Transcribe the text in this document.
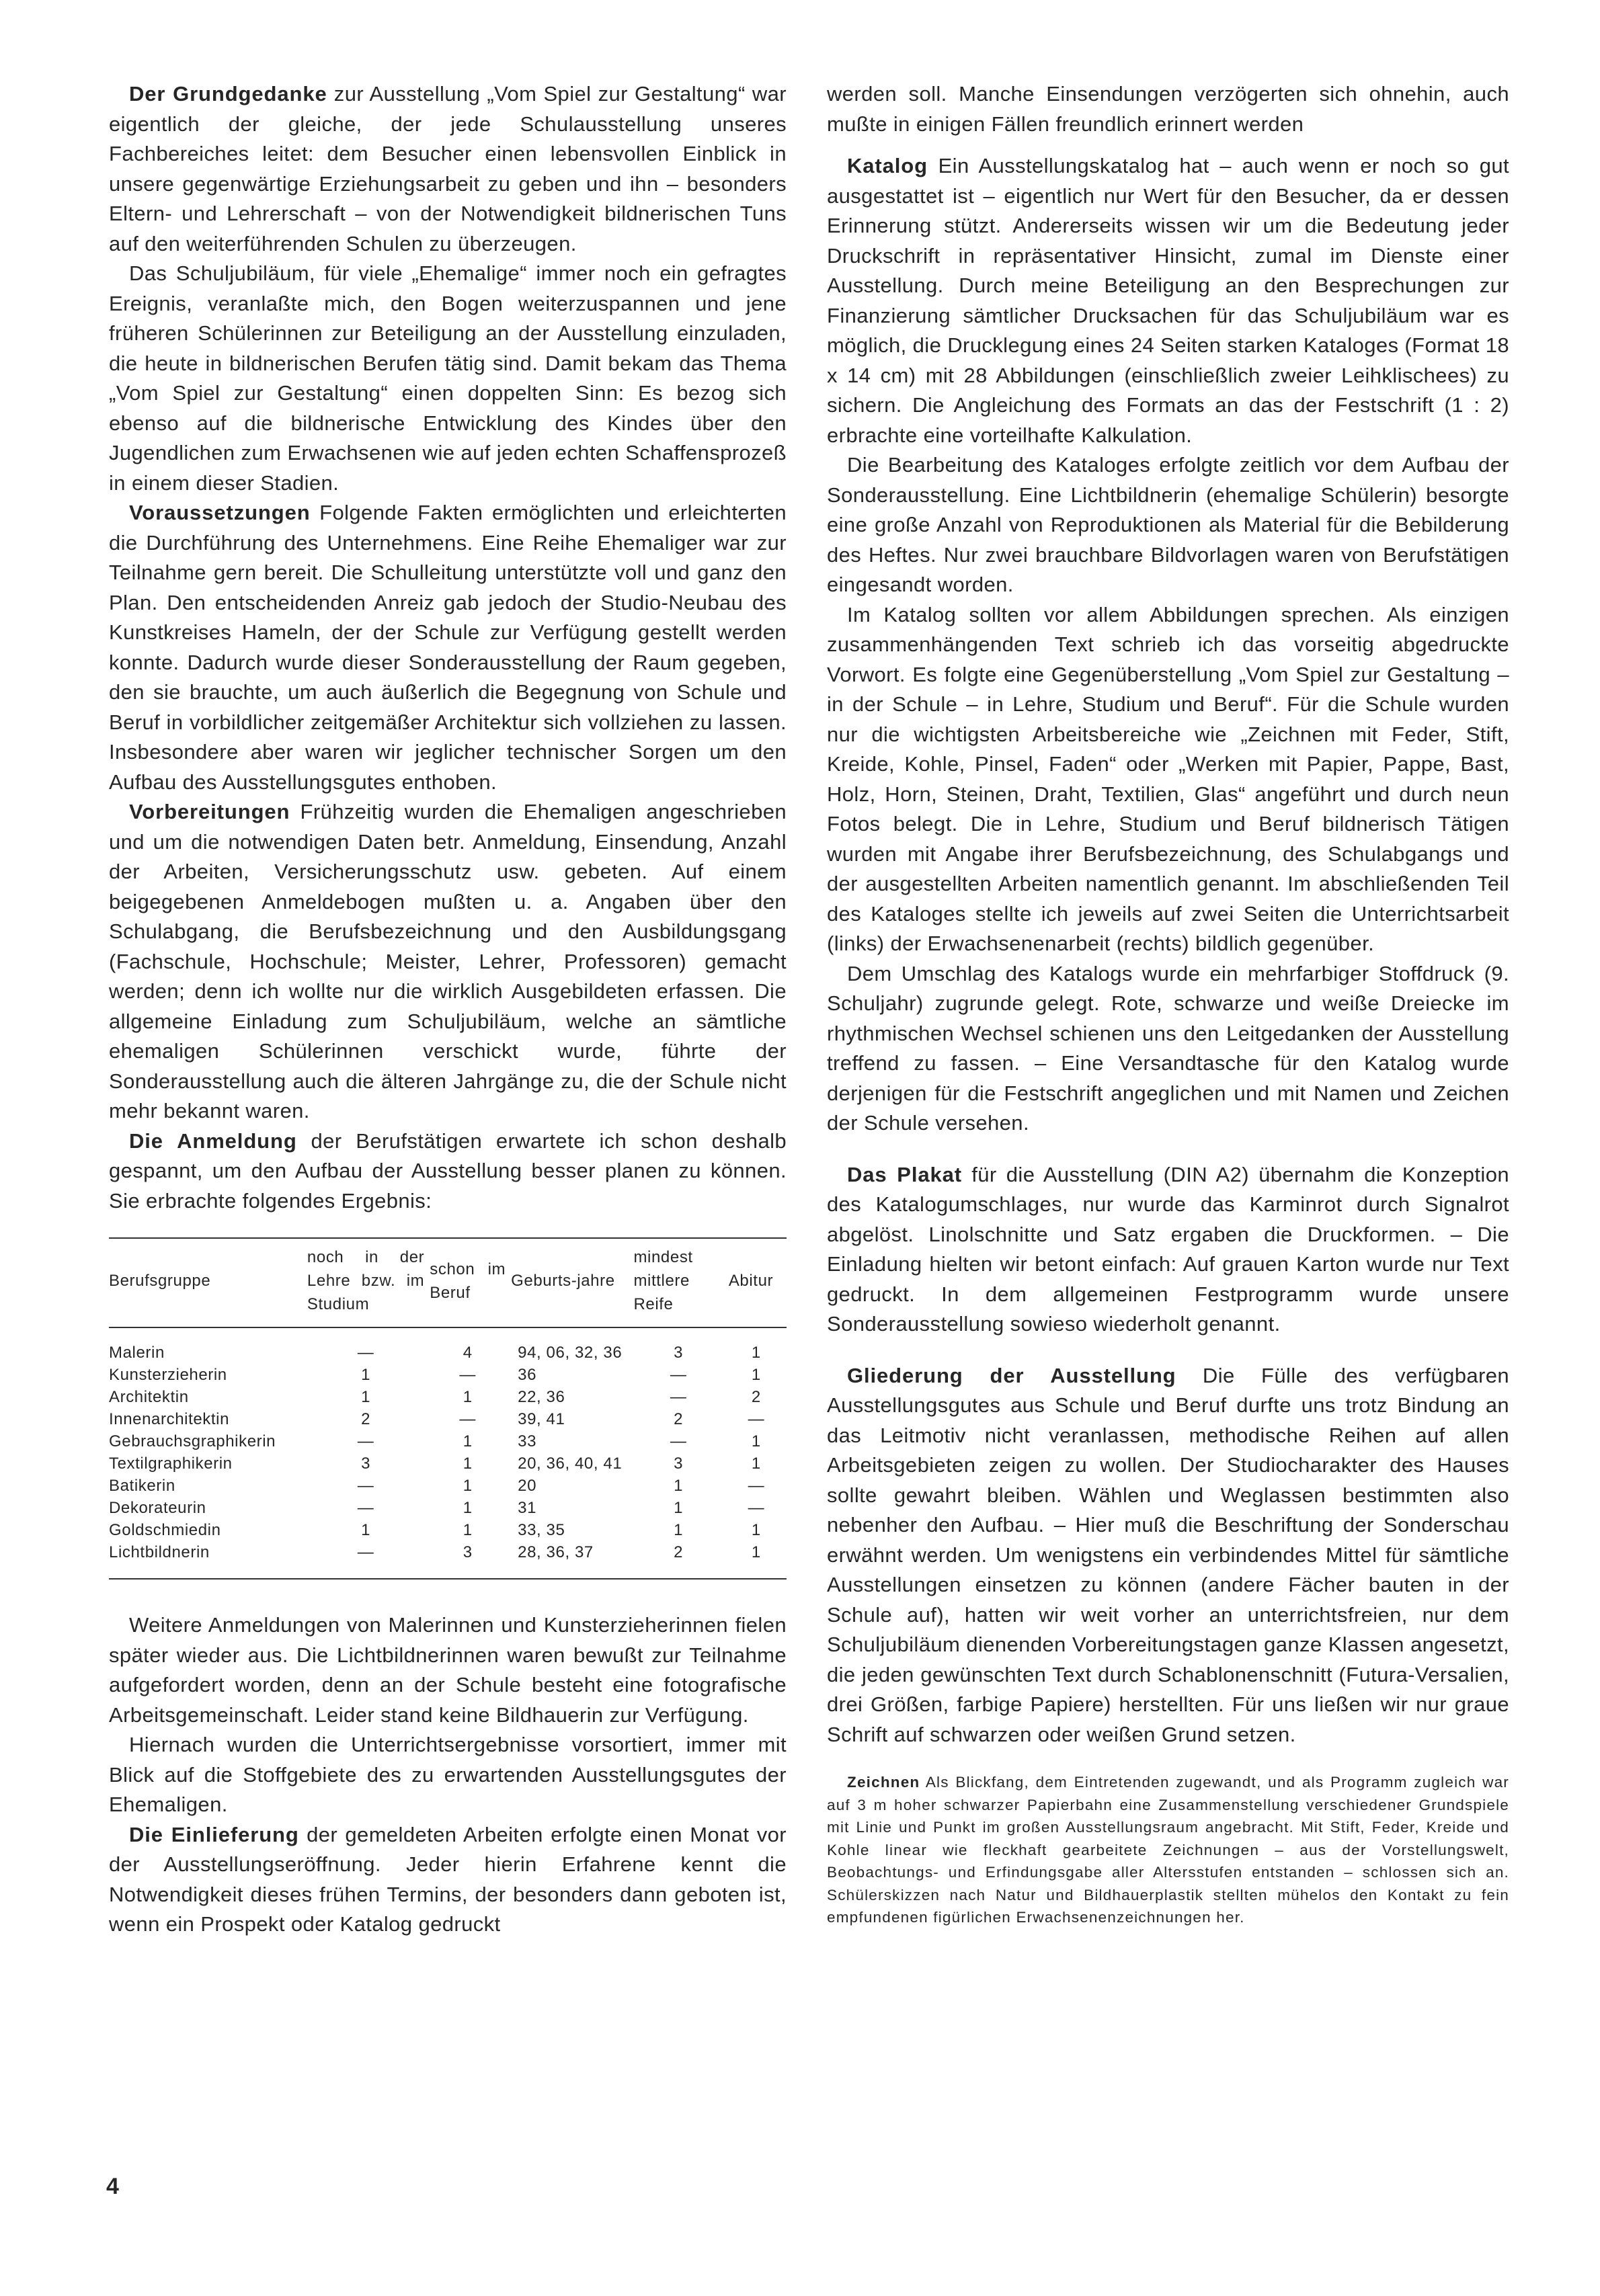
Der Grundgedanke zur Ausstellung „Vom Spiel zur Gestaltung“ war eigentlich der gleiche, der jede Schulausstellung unseres Fachbereiches leitet: dem Besucher einen lebensvollen Einblick in unsere gegenwärtige Erziehungsarbeit zu geben und ihn – besonders Eltern- und Lehrerschaft – von der Notwendigkeit bildnerischen Tuns auf den weiterführenden Schulen zu überzeugen.

Das Schuljubiläum, für viele „Ehemalige“ immer noch ein gefragtes Ereignis, veranlaßte mich, den Bogen weiterzuspannen und jene früheren Schülerinnen zur Beteiligung an der Ausstellung einzuladen, die heute in bildnerischen Berufen tätig sind. Damit bekam das Thema „Vom Spiel zur Gestaltung“ einen doppelten Sinn: Es bezog sich ebenso auf die bildnerische Entwicklung des Kindes über den Jugendlichen zum Erwachsenen wie auf jeden echten Schaffensprozeß in einem dieser Stadien.

Voraussetzungen Folgende Fakten ermöglichten und erleichterten die Durchführung des Unternehmens. Eine Reihe Ehemaliger war zur Teilnahme gern bereit. Die Schulleitung unterstützte voll und ganz den Plan. Den entscheidenden Anreiz gab jedoch der Studio-Neubau des Kunstkreises Hameln, der der Schule zur Verfügung gestellt werden konnte. Dadurch wurde dieser Sonderausstellung der Raum gegeben, den sie brauchte, um auch äußerlich die Begegnung von Schule und Beruf in vorbildlicher zeitgemäßer Architektur sich vollziehen zu lassen. Insbesondere aber waren wir jeglicher technischer Sorgen um den Aufbau des Ausstellungsgutes enthoben.

Vorbereitungen Frühzeitig wurden die Ehemaligen angeschrieben und um die notwendigen Daten betr. Anmeldung, Einsendung, Anzahl der Arbeiten, Versicherungsschutz usw. gebeten. Auf einem beigegebenen Anmeldebogen mußten u. a. Angaben über den Schulabgang, die Berufsbezeichnung und den Ausbildungsgang (Fachschule, Hochschule; Meister, Lehrer, Professoren) gemacht werden; denn ich wollte nur die wirklich Ausgebildeten erfassen. Die allgemeine Einladung zum Schuljubiläum, welche an sämtliche ehemaligen Schülerinnen verschickt wurde, führte der Sonderausstellung auch die älteren Jahrgänge zu, die der Schule nicht mehr bekannt waren.

Die Anmeldung der Berufstätigen erwartete ich schon deshalb gespannt, um den Aufbau der Ausstellung besser planen zu können. Sie erbrachte folgendes Ergebnis:

Berufsgruppe	noch in der Lehre bzw. im Studium	schon im Beruf	Geburts-jahre	mindest mittlere Reife	Abitur
Malerin	—	4	94, 06, 32, 36	3	1
Kunsterzieherin	1	—	36	—	1
Architektin	1	1	22, 36	—	2
Innenarchitektin	2	—	39, 41	2	—
Gebrauchsgraphikerin	—	1	33	—	1
Textilgraphikerin	3	1	20, 36, 40, 41	3	1
Batikerin	—	1	20	1	—
Dekorateurin	—	1	31	1	—
Goldschmiedin	1	1	33, 35	1	1
Lichtbildnerin	—	3	28, 36, 37	2	1

Weitere Anmeldungen von Malerinnen und Kunsterzieherinnen fielen später wieder aus. Die Lichtbildnerinnen waren bewußt zur Teilnahme aufgefordert worden, denn an der Schule besteht eine fotografische Arbeitsgemeinschaft. Leider stand keine Bildhauerin zur Verfügung.

Hiernach wurden die Unterrichtsergebnisse vorsortiert, immer mit Blick auf die Stoffgebiete des zu erwartenden Ausstellungsgutes der Ehemaligen.

Die Einlieferung der gemeldeten Arbeiten erfolgte einen Monat vor der Ausstellungseröffnung. Jeder hierin Erfahrene kennt die Notwendigkeit dieses frühen Termins, der besonders dann geboten ist, wenn ein Prospekt oder Katalog gedruckt

werden soll. Manche Einsendungen verzögerten sich ohnehin, auch mußte in einigen Fällen freundlich erinnert werden

Katalog Ein Ausstellungskatalog hat – auch wenn er noch so gut ausgestattet ist – eigentlich nur Wert für den Besucher, da er dessen Erinnerung stützt. Andererseits wissen wir um die Bedeutung jeder Druckschrift in repräsentativer Hinsicht, zumal im Dienste einer Ausstellung. Durch meine Beteiligung an den Besprechungen zur Finanzierung sämtlicher Drucksachen für das Schuljubiläum war es möglich, die Drucklegung eines 24 Seiten starken Kataloges (Format 18 x 14 cm) mit 28 Abbildungen (einschließlich zweier Leihklischees) zu sichern. Die Angleichung des Formats an das der Festschrift (1 : 2) erbrachte eine vorteilhafte Kalkulation.

Die Bearbeitung des Kataloges erfolgte zeitlich vor dem Aufbau der Sonderausstellung. Eine Lichtbildnerin (ehemalige Schülerin) besorgte eine große Anzahl von Reproduktionen als Material für die Bebilderung des Heftes. Nur zwei brauchbare Bildvorlagen waren von Berufstätigen eingesandt worden.

Im Katalog sollten vor allem Abbildungen sprechen. Als einzigen zusammenhängenden Text schrieb ich das vorseitig abgedruckte Vorwort. Es folgte eine Gegenüberstellung „Vom Spiel zur Gestaltung – in der Schule – in Lehre, Studium und Beruf“. Für die Schule wurden nur die wichtigsten Arbeitsbereiche wie „Zeichnen mit Feder, Stift, Kreide, Kohle, Pinsel, Faden“ oder „Werken mit Papier, Pappe, Bast, Holz, Horn, Steinen, Draht, Textilien, Glas“ angeführt und durch neun Fotos belegt. Die in Lehre, Studium und Beruf bildnerisch Tätigen wurden mit Angabe ihrer Berufsbezeichnung, des Schulabgangs und der ausgestellten Arbeiten namentlich genannt. Im abschließenden Teil des Kataloges stellte ich jeweils auf zwei Seiten die Unterrichtsarbeit (links) der Erwachsenenarbeit (rechts) bildlich gegenüber.

Dem Umschlag des Katalogs wurde ein mehrfarbiger Stoffdruck (9. Schuljahr) zugrunde gelegt. Rote, schwarze und weiße Dreiecke im rhythmischen Wechsel schienen uns den Leitgedanken der Ausstellung treffend zu fassen. – Eine Versandtasche für den Katalog wurde derjenigen für die Festschrift angeglichen und mit Namen und Zeichen der Schule versehen.

Das Plakat für die Ausstellung (DIN A2) übernahm die Konzeption des Katalogumschlages, nur wurde das Karminrot durch Signalrot abgelöst. Linolschnitte und Satz ergaben die Druckformen. – Die Einladung hielten wir betont einfach: Auf grauen Karton wurde nur Text gedruckt. In dem allgemeinen Festprogramm wurde unsere Sonderausstellung sowieso wiederholt genannt.

Gliederung der Ausstellung Die Fülle des verfügbaren Ausstellungsgutes aus Schule und Beruf durfte uns trotz Bindung an das Leitmotiv nicht veranlassen, methodische Reihen auf allen Arbeitsgebieten zeigen zu wollen. Der Studiocharakter des Hauses sollte gewahrt bleiben. Wählen und Weglassen bestimmten also nebenher den Aufbau. – Hier muß die Beschriftung der Sonderschau erwähnt werden. Um wenigstens ein verbindendes Mittel für sämtliche Ausstellungen einsetzen zu können (andere Fächer bauten in der Schule auf), hatten wir weit vorher an unterrichtsfreien, nur dem Schuljubiläum dienenden Vorbereitungstagen ganze Klassen angesetzt, die jeden gewünschten Text durch Schablonenschnitt (Futura-Versalien, drei Größen, farbige Papiere) herstellten. Für uns ließen wir nur graue Schrift auf schwarzen oder weißen Grund setzen.

Zeichnen Als Blickfang, dem Eintretenden zugewandt, und als Programm zugleich war auf 3 m hoher schwarzer Papierbahn eine Zusammenstellung verschiedener Grundspiele mit Linie und Punkt im großen Ausstellungsraum angebracht. Mit Stift, Feder, Kreide und Kohle linear wie fleckhaft gearbeitete Zeichnungen – aus der Vorstellungswelt, Beobachtungs- und Erfindungsgabe aller Altersstufen entstanden – schlossen sich an. Schülerskizzen nach Natur und Bildhauerplastik stellten mühelos den Kontakt zu fein empfundenen figürlichen Erwachsenenzeichnungen her.

4
